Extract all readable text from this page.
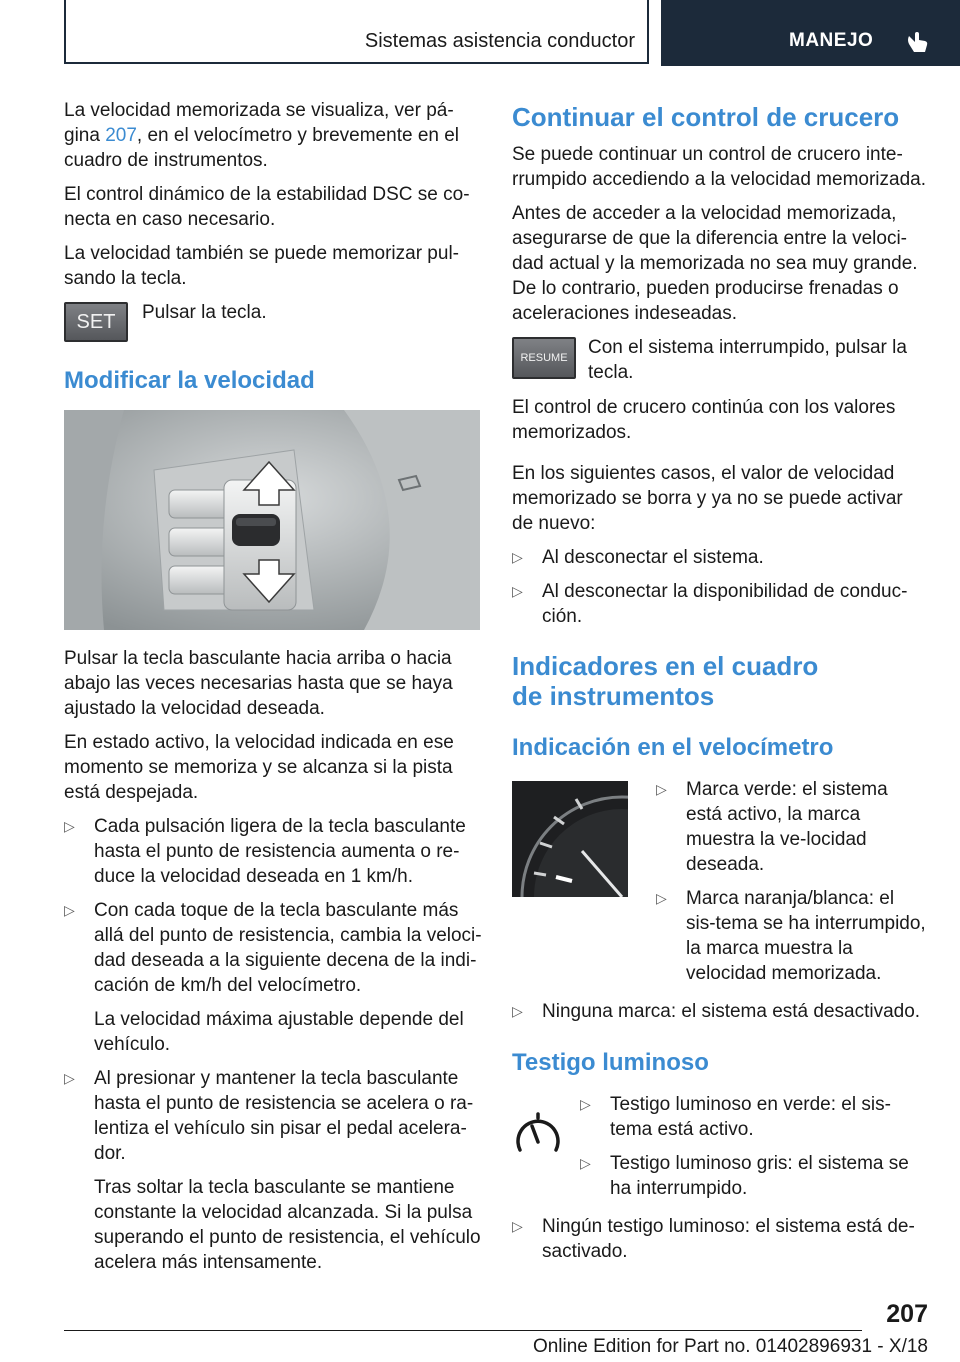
Sistemas asistencia conductor	MANEJO

La velocidad memorizada se visualiza, ver pá-gina 207, en el velocímetro y brevemente en el cuadro de instrumentos.

El control dinámico de la estabilidad DSC se co-necta en caso necesario.

La velocidad también se puede memorizar pul-sando la tecla.

SET	Pulsar la tecla.

Modificar la velocidad

Pulsar la tecla basculante hacia arriba o hacia abajo las veces necesarias hasta que se haya ajustado la velocidad deseada.

En estado activo, la velocidad indicada en ese momento se memoriza y se alcanza si la pista está despejada.

▷ Cada pulsación ligera de la tecla basculante hasta el punto de resistencia aumenta o re-duce la velocidad deseada en 1 km/h.
▷ Con cada toque de la tecla basculante más allá del punto de resistencia, cambia la veloci-dad deseada a la siguiente decena de la indi-cación de km/h del velocímetro.
La velocidad máxima ajustable depende del vehículo.
▷ Al presionar y mantener la tecla basculante hasta el punto de resistencia se acelera o ra-lentiza el vehículo sin pisar el pedal acelera-dor.
Tras soltar la tecla basculante se mantiene constante la velocidad alcanzada. Si la pulsa superando el punto de resistencia, el vehículo acelera más intensamente.
Continuar el control de crucero

Se puede continuar un control de crucero inte-rrumpido accediendo a la velocidad memorizada.

Antes de acceder a la velocidad memorizada, asegurarse de que la diferencia entre la veloci-dad actual y la memorizada no sea muy grande. De lo contrario, pueden producirse frenadas o aceleraciones indeseadas.

RESUME	Con el sistema interrumpido, pulsar la tecla.

El control de crucero continúa con los valores memorizados.

En los siguientes casos, el valor de velocidad memorizado se borra y ya no se puede activar de nuevo:

▷ Al desconectar el sistema.
▷ Al desconectar la disponibilidad de conduc-ción.
Indicadores en el cuadro
de instrumentos
Indicación en el velocímetro
▷ Marca verde: el sistema está activo, la marca muestra la ve-locidad deseada.
▷ Marca naranja/blanca: el sis-tema se ha interrumpido, la marca muestra la velocidad memorizada.
▷ Ninguna marca: el sistema está desactivado.
Testigo luminoso
▷ Testigo luminoso en verde: el sis-tema está activo.
▷ Testigo luminoso gris: el sistema se ha interrumpido.
▷ Ningún testigo luminoso: el sistema está de-sactivado.
207
Online Edition for Part no. 01402896931 - X/18
